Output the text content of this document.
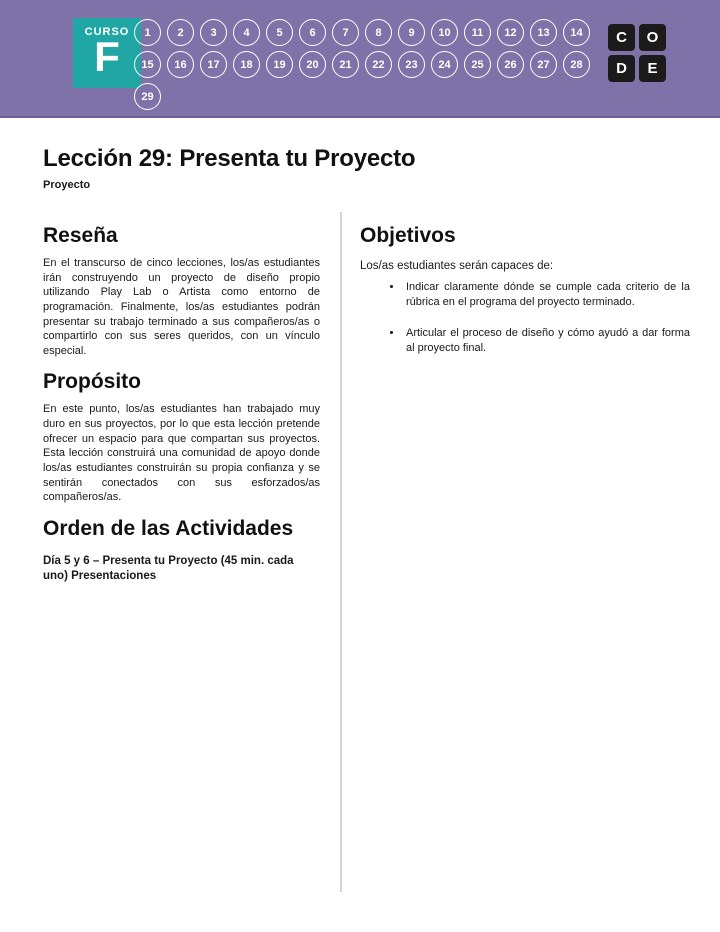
CURSO
F
1	2	3	4	5	6	7	8	9	10	11	12	13	14
15	16	17	18	19	20	21	22	23	24	25	26	27	28
29
C	O
D	E
Lección 29: Presenta tu Proyecto
Proyecto
Reseña

En el transcurso de cinco lecciones, los/as estudiantes irán construyendo un proyecto de diseño propio utilizando Play Lab o Artista como entorno de programación. Finalmente, los/as estudiantes podrán presentar su trabajo terminado a sus compañeros/as o compartirlo con sus seres queridos, con un vínculo especial.

Propósito

En este punto, los/as estudiantes han trabajado muy duro en sus proyectos, por lo que esta lección pretende ofrecer un espacio para que compartan sus proyectos. Esta lección construirá una comunidad de apoyo donde los/as estudiantes construirán su propia confianza y se sentirán conectados con sus esforzados/as compañeros/as.

Orden de las Actividades

Día 5 y 6 – Presenta tu Proyecto (45 min. cada uno) Presentaciones

Objetivos

Los/as estudiantes serán capaces de:

• Indicar claramente dónde se cumple cada criterio de la rúbrica en el programa del proyecto terminado.
• Articular el proceso de diseño y cómo ayudó a dar forma al proyecto final.
